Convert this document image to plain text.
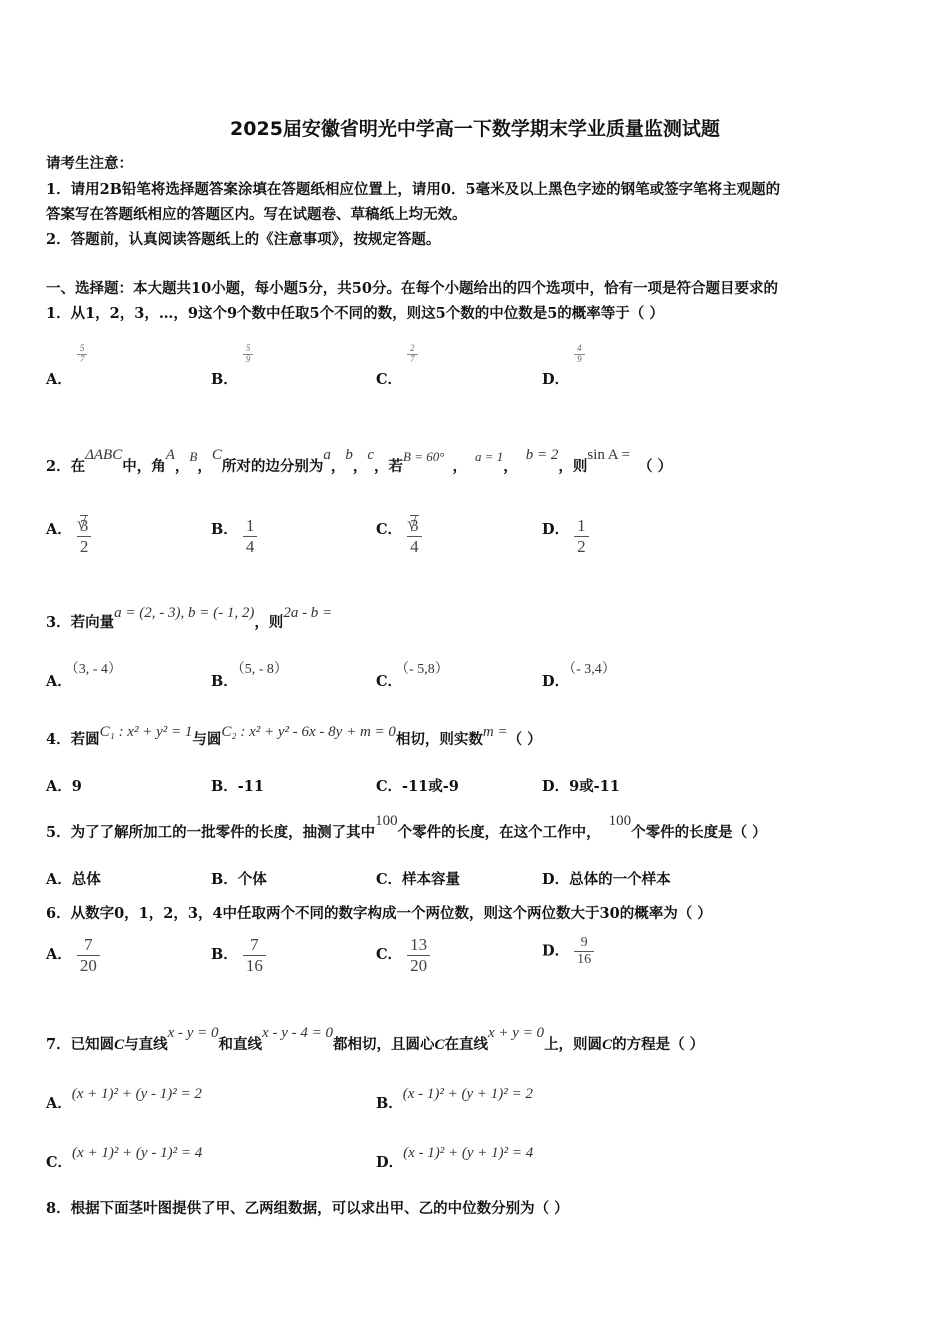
2025届安徽省明光中学高一下数学期末学业质量监测试题
请考生注意：
1．请用2B铅笔将选择题答案涂填在答题纸相应位置上，请用0．5毫米及以上黑色字迹的钢笔或签字笔将主观题的
答案写在答题纸相应的答题区内。写在试题卷、草稿纸上均无效。
2．答题前，认真阅读答题纸上的《注意事项》，按规定答题。
一、选择题：本大题共10小题，每小题5分，共50分。在每个小题给出的四个选项中，恰有一项是符合题目要求的
1．从1，2，3，…，9这个9个数中任取5个不同的数，则这5个数的中位数是5的概率等于（ ）
A．
$\frac{5}{7}$
B．
$\frac{5}{9}$
C．
$\frac{2}{7}$
D．
$\frac{4}{9}$
2．在ΔABC中，角A，B，C所对的边分别为a，b，c，若B = 60°，a = 1，b = 2，则sin A =（ ）
A． √ $\frac{3}{2}$	B． $\frac{1}{4}$	C． √ $\frac{3}{4}$	D． $\frac{1}{2}$
3．若向量a = (2, - 3), b = (- 1, 2)，则2a - b =
A．（3, - 4）
B．（5, - 8）
C．（- 5,8）
D．（- 3,4）
4．若圆C₁ : x² + y² = 1与圆C₂ : x² + y² - 6x - 8y + m = 0相切，则实数m =（ ）
A．9	B．-11	C．-11或-9	D．9或-11
5．为了了解所加工的一批零件的长度，抽测了其中100个零件的长度，在这个工作中，100个零件的长度是（ ）
A．总体	B．个体	C．样本容量	D．总体的一个样本
6．从数字0，1，2，3，4中任取两个不同的数字构成一个两位数，则这个两位数大于30的概率为（ ）
A． $\frac{7}{20}$	B． $\frac{7}{16}$	C． $\frac{13}{20}$	D． $\frac{9}{16}$
7．已知圆C与直线x - y = 0和直线x - y - 4 = 0都相切，且圆心C在直线x + y = 0上，则圆C的方程是（ ）
A．(x + 1)² + (y - 1)² = 2
B．(x - 1)² + (y + 1)² = 2
C．(x + 1)² + (y - 1)² = 4
D．(x - 1)² + (y + 1)² = 4
8．根据下面茎叶图提供了甲、乙两组数据，可以求出甲、乙的中位数分别为（ ）
